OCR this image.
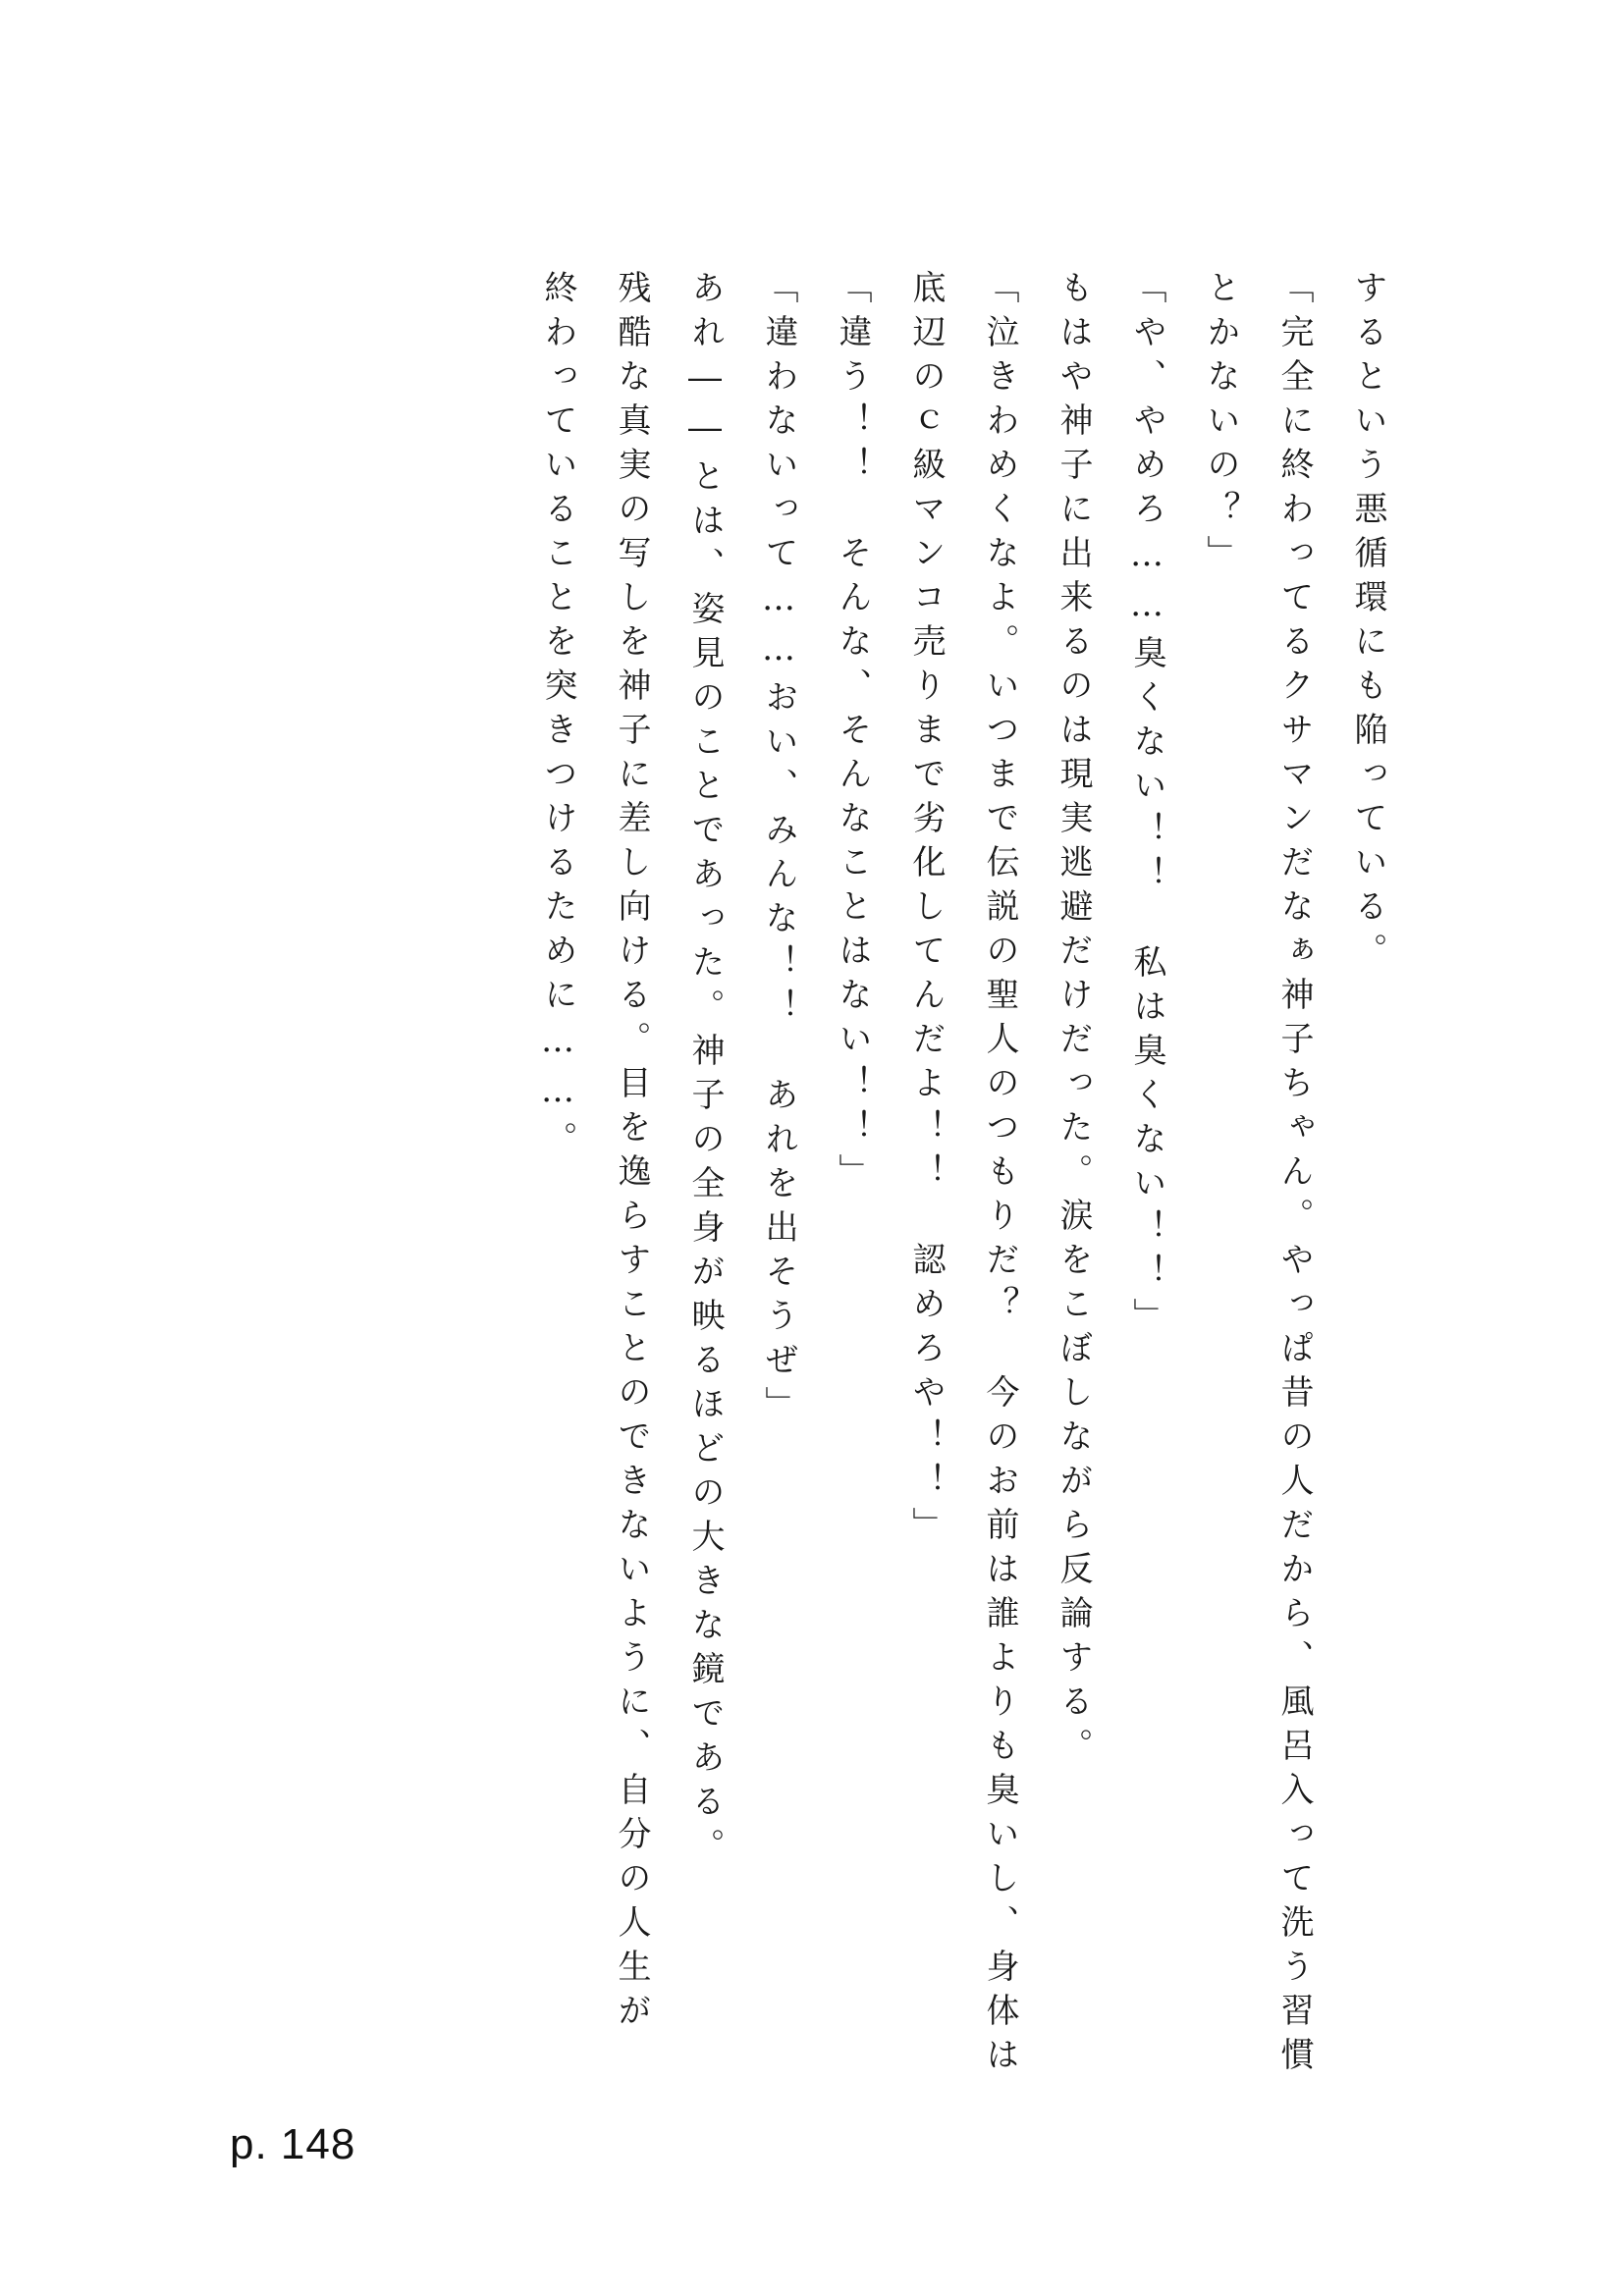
するという悪循環にも陥っている。
「完全に終わってるクサマンだなぁ神子ちゃん。やっぱ昔の人だから、風呂入って洗う習慣
とかないの？」
「や、やめろ……臭くない！！　私は臭くない！！」
もはや神子に出来るのは現実逃避だけだった。涙をこぼしながら反論する。
「泣きわめくなよ。いつまで伝説の聖人のつもりだ？　今のお前は誰よりも臭いし、身体は
底辺のｃ級マンコ売りまで劣化してんだよ！！　認めろや！！」
「違う！！　そんな、そんなことはない！！」
「違わないって……おい、みんな！！　あれを出そうぜ」
あれ――とは、姿見のことであった。神子の全身が映るほどの大きな鏡である。
残酷な真実の写しを神子に差し向ける。目を逸らすことのできないように、自分の人生が
終わっていることを突きつけるために……。
p. 148
